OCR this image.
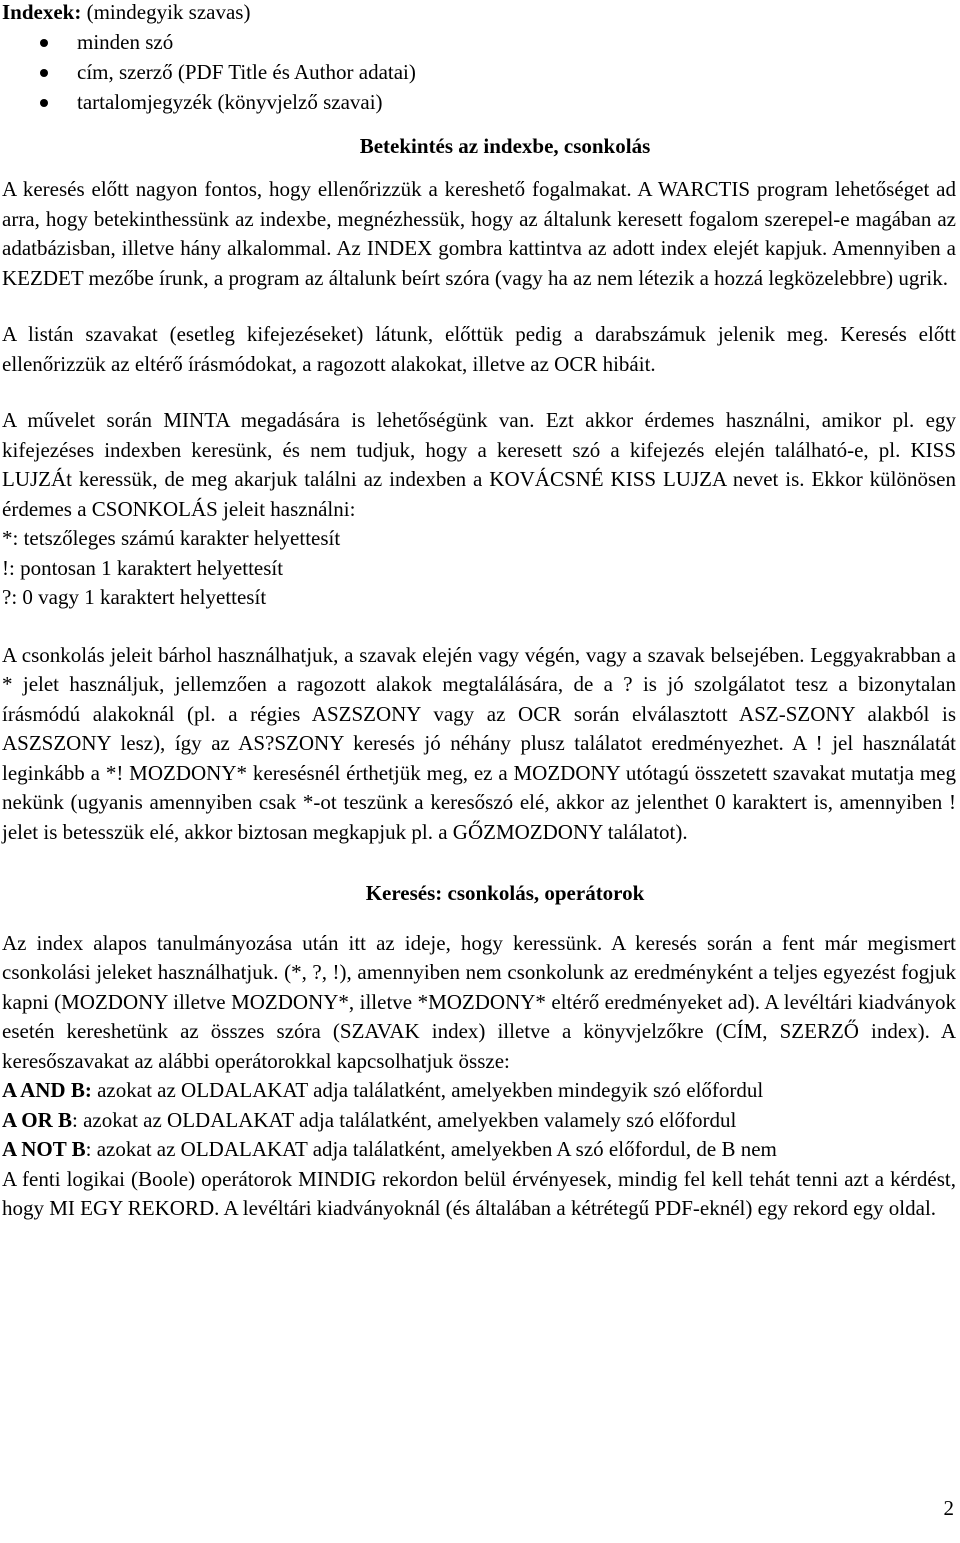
Indexek: (mindegyik szavas)

minden szó
cím, szerző (PDF Title és Author adatai)
tartalomjegyzék (könyvjelző szavai)
Betekintés az indexbe, csonkolás

A keresés előtt nagyon fontos, hogy ellenőrizzük a kereshető fogalmakat. A WARCTIS program lehetőséget ad arra, hogy betekinthessünk az indexbe, megnézhessük, hogy az általunk keresett fogalom szerepel-e magában az adatbázisban, illetve hány alkalommal. Az INDEX gombra kattintva az adott index elejét kapjuk. Amennyiben a KEZDET mezőbe írunk, a program az általunk beírt szóra (vagy ha az nem létezik a hozzá legközelebbre) ugrik.

A listán szavakat (esetleg kifejezéseket) látunk, előttük pedig a darabszámuk jelenik meg. Keresés előtt ellenőrizzük az eltérő írásmódokat, a ragozott alakokat, illetve az OCR hibáit.

A művelet során MINTA megadására is lehetőségünk van. Ezt akkor érdemes használni, amikor pl. egy kifejezéses indexben keresünk, és nem tudjuk, hogy a keresett szó a kifejezés elején található-e, pl. KISS LUJZÁt keressük, de meg akarjuk találni az indexben a KOVÁCSNÉ KISS LUJZA nevet is. Ekkor különösen érdemes a CSONKOLÁS jeleit használni:

*: tetszőleges számú karakter helyettesít

!: pontosan 1 karaktert helyettesít

?: 0 vagy 1 karaktert helyettesít

A csonkolás jeleit bárhol használhatjuk, a szavak elején vagy végén, vagy a szavak belsejében. Leggyakrabban a * jelet használjuk, jellemzően a ragozott alakok megtalálására, de a ? is jó szolgálatot tesz a bizonytalan írásmódú alakoknál (pl. a régies ASZSZONY vagy az OCR során elválasztott ASZ-SZONY alakból is ASZSZONY lesz), így az AS?SZONY keresés jó néhány plusz találatot eredményezhet. A ! jel használatát leginkább a *! MOZDONY* keresésnél érthetjük meg, ez a MOZDONY utótagú összetett szavakat mutatja meg nekünk (ugyanis amennyiben csak *-ot teszünk a keresőszó elé, akkor az jelenthet 0 karaktert is, amennyiben ! jelet is betesszük elé, akkor biztosan megkapjuk pl. a GŐZMOZDONY találatot).

Keresés: csonkolás, operátorok

Az index alapos tanulmányozása után itt az ideje, hogy keressünk. A keresés során a fent már megismert csonkolási jeleket használhatjuk. (*, ?, !), amennyiben nem csonkolunk az eredményként a teljes egyezést fogjuk kapni (MOZDONY illetve MOZDONY*, illetve *MOZDONY* eltérő eredményeket ad). A levéltári kiadványok esetén kereshetünk az összes szóra (SZAVAK index) illetve a könyvjelzőkre (CÍM, SZERZŐ index). A keresőszavakat az alábbi operátorokkal kapcsolhatjuk össze:

A AND B: azokat az OLDALAKAT adja találatként, amelyekben mindegyik szó előfordul

A OR B: azokat az OLDALAKAT adja találatként, amelyekben valamely szó előfordul

A NOT B: azokat az OLDALAKAT adja találatként, amelyekben A szó előfordul, de B nem

A fenti logikai (Boole) operátorok MINDIG rekordon belül érvényesek, mindig fel kell tehát tenni azt a kérdést, hogy MI EGY REKORD. A levéltári kiadványoknál (és általában a kétrétegű PDF-eknél) egy rekord egy oldal.

2
